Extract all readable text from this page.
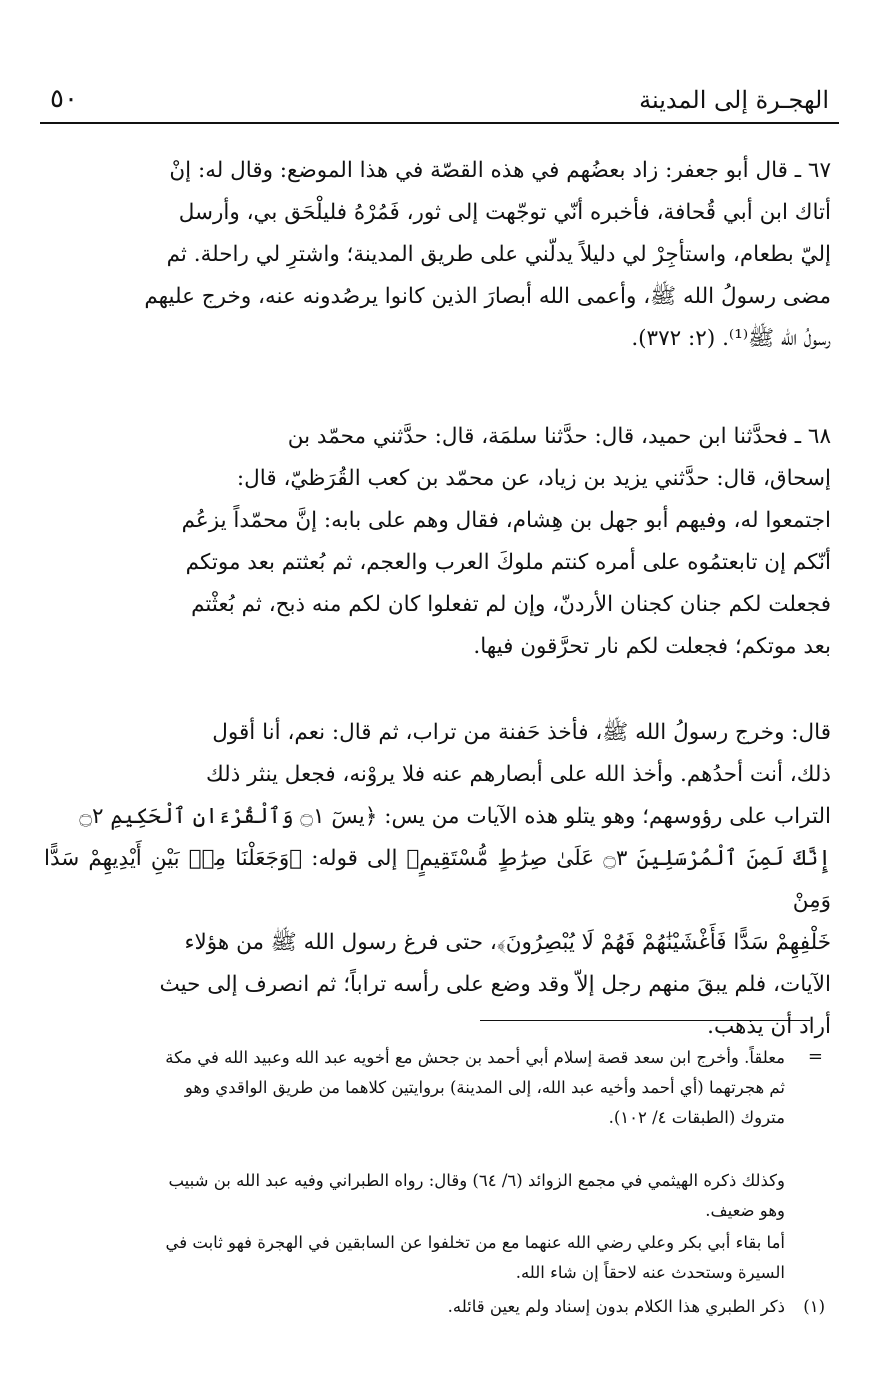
الهجـرة إلى المدينة
٥٠
٦٧ ـ قال أبو جعفر: زاد بعضُهم في هذه القصّة في هذا الموضع: وقال له: إنْ
أتاك ابن أبي قُحافة، فأخبره أنّي توجّهت إلى ثور، فَمُرْهُ فليلْحَق بي، وأرسل
إليّ بطعام، واستأجِرْ لي دليلاً يدلّني على طريق المدينة؛ واشترِ لي راحلة. ثم
مضى رسولُ الله ﷺ، وأعمى الله أبصارَ الذين كانوا يرصُدونه عنه، وخرج عليهم
رسولُ الله ﷺ⁽¹⁾. (٢: ٣٧٢).
٦٨ ـ فحدَّثنا ابن حميد، قال: حدَّثنا سلمَة، قال: حدَّثني محمّد بن
إسحاق، قال: حدَّثني يزيد بن زياد، عن محمّد بن كعب القُرَظيّ، قال:
اجتمعوا له، وفيهم أبو جهل بن هِشام، فقال وهم على بابه: إنَّ محمّداً يزعُم
أنّكم إن تابعتمُوه على أمره كنتم ملوكَ العرب والعجم، ثم بُعثتم بعد موتكم
فجعلت لكم جنان كجنان الأردنّ، وإن لم تفعلوا كان لكم منه ذبح، ثم بُعثْتم
بعد موتكم؛ فجعلت لكم نار تحرَّقون فيها.
قال: وخرج رسولُ الله ﷺ، فأخذ حَفنة من تراب، ثم قال: نعم، أنا أقول
ذلك، أنت أحدُهم. وأخذ الله على أبصارهم عنه فلا يروْنه، فجعل ينثر ذلك
التراب على رؤوسهم؛ وهو يتلو هذه الآيات من يس: ﴿يسٓ ۝١ وَٱلْقُرْءَانِ ٱلْحَكِيمِ ۝٢
إِنَّكَ لَمِنَ ٱلْمُرْسَلِينَ ۝٣ عَلَىٰ صِرَٰطٍ مُّسْتَقِيمٍ﴾ إلى قوله: ﴿وَجَعَلْنَا مِنۢ بَيْنِ أَيْدِيهِمْ سَدًّا وَمِنْ
خَلْفِهِمْ سَدًّا فَأَغْشَيْنَٰهُمْ فَهُمْ لَا يُبْصِرُونَ﴾، حتى فرغ رسول الله ﷺ من هؤلاء
الآيات، فلم يبقَ منهم رجل إلاّ وقد وضع على رأسه تراباً؛ ثم انصرف إلى حيث
أراد أن يذهب.
=
معلقاً. وأخرج ابن سعد قصة إسلام أبي أحمد بن جحش مع أخويه عبد الله وعبيد الله في مكة
ثم هجرتهما (أي أحمد وأخيه عبد الله، إلى المدينة) بروايتين كلاهما من طريق الواقدي وهو
متروك (الطبقات ٤/ ١٠٢).
وكذلك ذكره الهيثمي في مجمع الزوائد (٦/ ٦٤) وقال: رواه الطبراني وفيه عبد الله بن شبيب
وهو ضعيف.
أما بقاء أبي بكر وعلي رضي الله عنهما مع من تخلفوا عن السابقين في الهجرة فهو ثابت في
السيرة وستحدث عنه لاحقاً إن شاء الله.
(١)
ذكر الطبري هذا الكلام بدون إسناد ولم يعين قائله.
